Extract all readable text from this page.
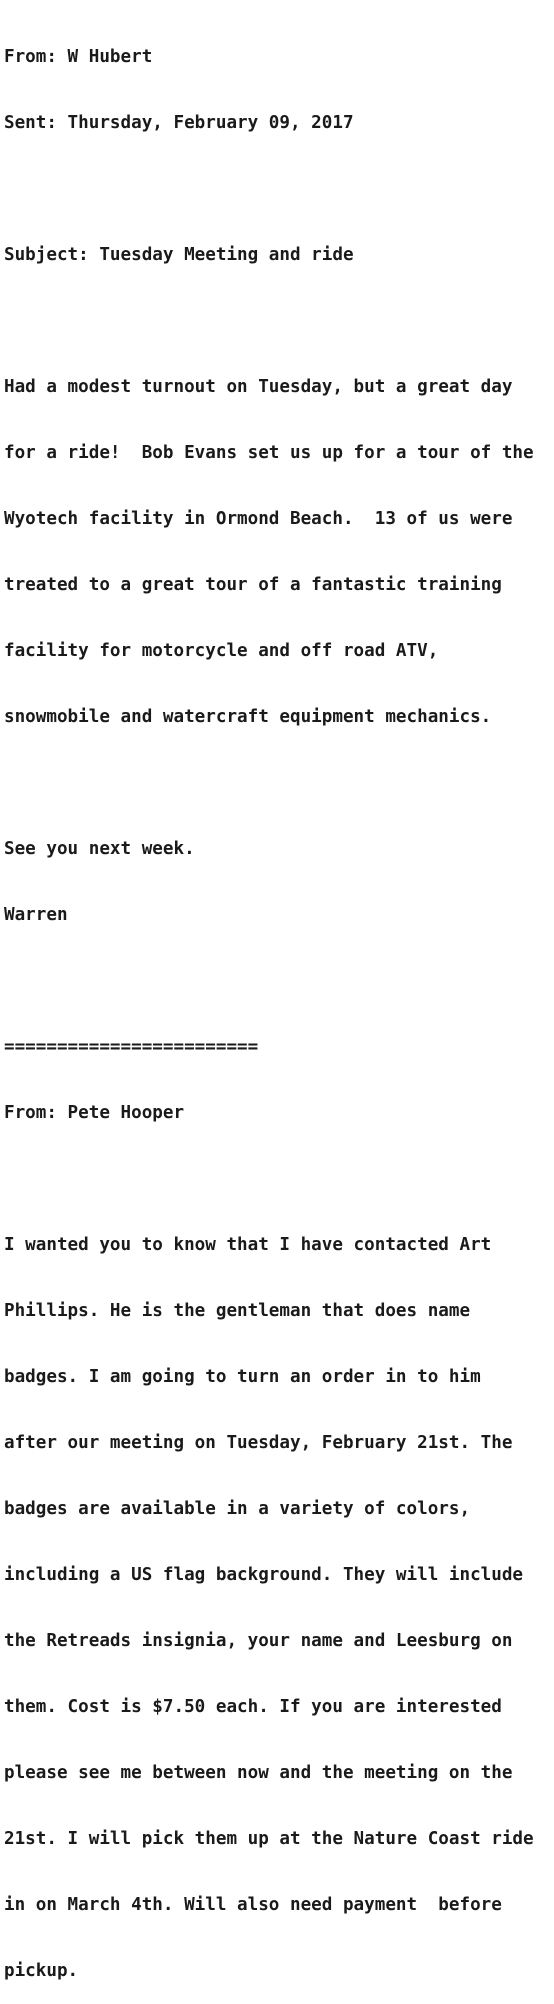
From: W Hubert

Sent: Thursday, February 09, 2017

Subject: Tuesday Meeting and ride

Had a modest turnout on Tuesday, but a great day

for a ride!  Bob Evans set us up for a tour of the

Wyotech facility in Ormond Beach.  13 of us were

treated to a great tour of a fantastic training

facility for motorcycle and off road ATV,

snowmobile and watercraft equipment mechanics.

See you next week.

Warren

========================

From: Pete Hooper

I wanted you to know that I have contacted Art

Phillips. He is the gentleman that does name

badges. I am going to turn an order in to him

after our meeting on Tuesday, February 21st. The

badges are available in a variety of colors,

including a US flag background. They will include

the Retreads insignia, your name and Leesburg on

them. Cost is $7.50 each. If you are interested

please see me between now and the meeting on the

21st. I will pick them up at the Nature Coast ride

in on March 4th. Will also need payment  before

pickup.
